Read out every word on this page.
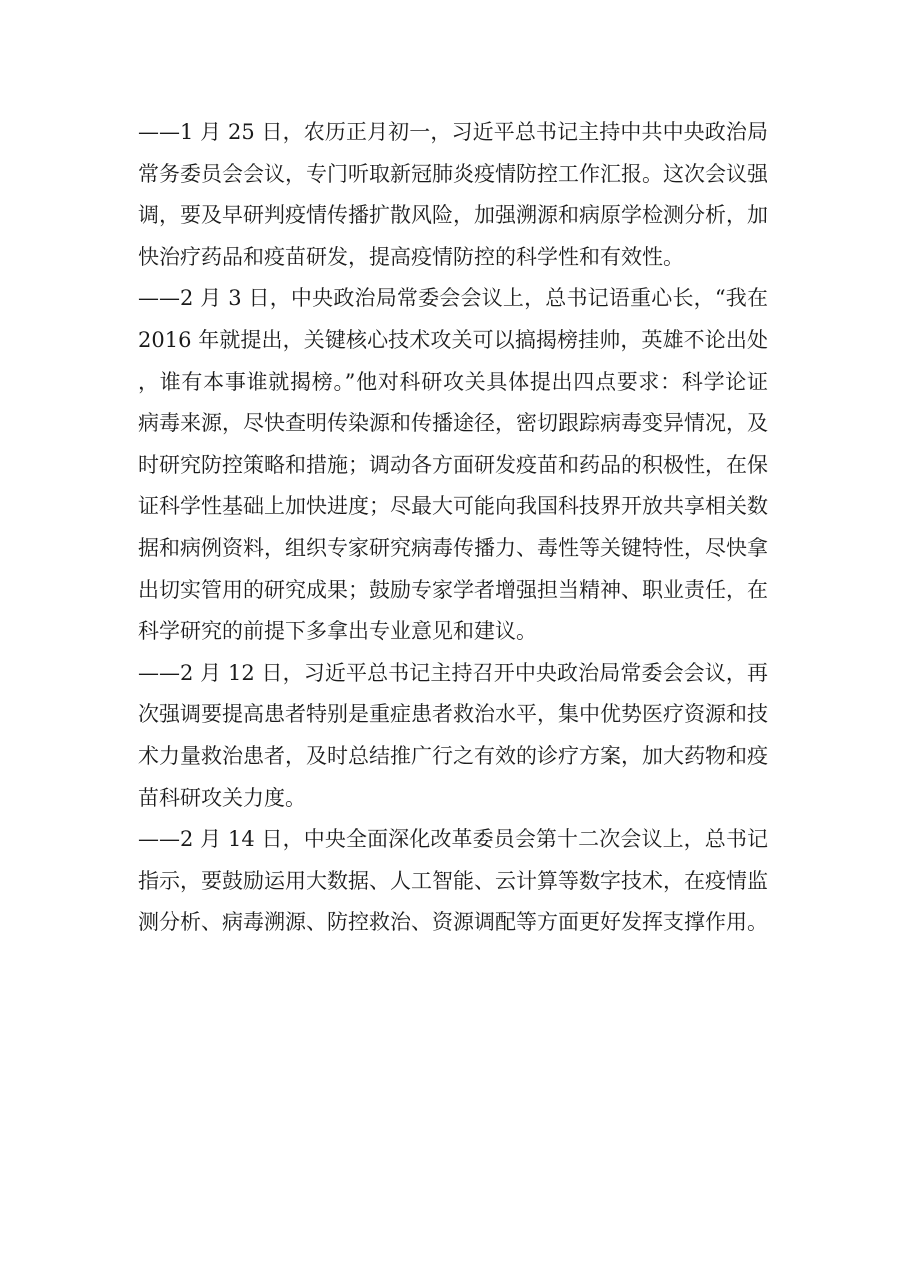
——1 月 25 日，农历正月初一，习近平总书记主持中共中央政治局常务委员会会议，专门听取新冠肺炎疫情防控工作汇报。这次会议强调，要及早研判疫情传播扩散风险，加强溯源和病原学检测分析，加快治疗药品和疫苗研发，提高疫情防控的科学性和有效性。

——2 月 3 日，中央政治局常委会会议上，总书记语重心长，“我在 2016 年就提出，关键核心技术攻关可以搞揭榜挂帅，英雄不论出处，谁有本事谁就揭榜。”他对科研攻关具体提出四点要求：科学论证病毒来源，尽快查明传染源和传播途径，密切跟踪病毒变异情况，及时研究防控策略和措施；调动各方面研发疫苗和药品的积极性，在保证科学性基础上加快进度；尽最大可能向我国科技界开放共享相关数据和病例资料，组织专家研究病毒传播力、毒性等关键特性，尽快拿出切实管用的研究成果；鼓励专家学者增强担当精神、职业责任，在科学研究的前提下多拿出专业意见和建议。

——2 月 12 日，习近平总书记主持召开中央政治局常委会会议，再次强调要提高患者特别是重症患者救治水平，集中优势医疗资源和技术力量救治患者，及时总结推广行之有效的诊疗方案，加大药物和疫苗科研攻关力度。

——2 月 14 日，中央全面深化改革委员会第十二次会议上，总书记指示，要鼓励运用大数据、人工智能、云计算等数字技术，在疫情监测分析、病毒溯源、防控救治、资源调配等方面更好发挥支撑作用。
